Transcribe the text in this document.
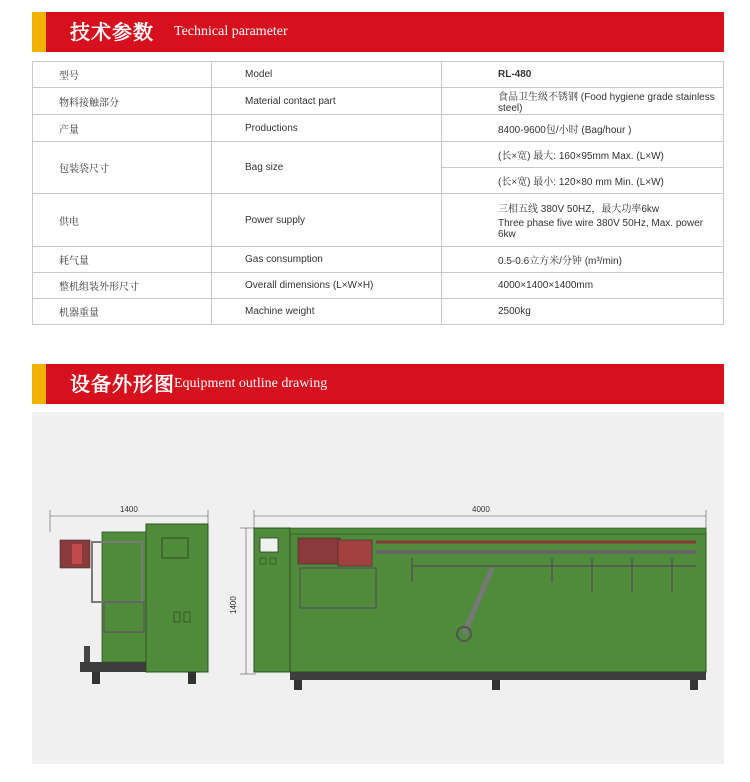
技术参数 Technical parameter
型号	Model	RL-480
物料接触部分	Material contact part	食品卫生级不锈钢 (Food hygiene grade stainless steel)
产量	Productions	8400-9600包/小时 (Bag/hour )
包装袋尺寸	Bag size	(长×宽) 最大: 160×95mm Max. (L×W)
		(长×宽) 最小: 120×80 mm Min. (L×W)
供电	Power supply	三相五线 380V 50HZ，最大功率6kw
Three phase five wire 380V 50Hz, Max. power 6kw

耗气量	Gas consumption	0.5-0.6立方米/分钟 (m³/min)
整机组装外形尺寸	Overall dimensions (L×W×H)	4000×1400×1400mm
机器重量	Machine weight	2500kg
设备外形图 Equipment outline drawing
1400
1400
4000
